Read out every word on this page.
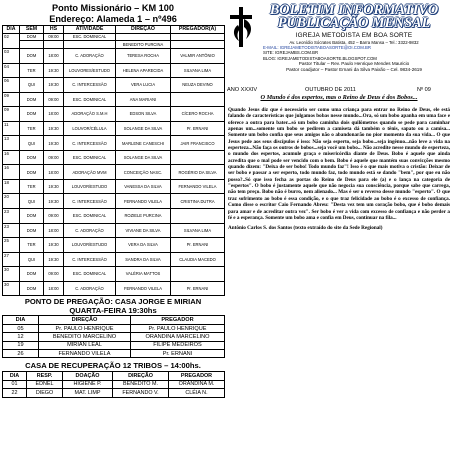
Ponto Missionário – KM 100
Endereço: Alameda 1 – nº496
DIA	SEM	HS	ATIVIDADE	DIREÇÃO	PREGADOR(A)
02	DOM	09:00	ESC. DOMINICAL		
				BENEDITO PURCINA	
03	DOM	18:00	C. ADORAÇÃO	TERESA ROCHA	VALMIR ANTÔNIO
04	TER	19:30	LOUVORES/ESTUDO	HELENA APARECIDA	SILVANA LIMA
06	QUI	19:30	C. INTERCESSÃO	VERA LUCIA	NEUZA DEVINO
09	DOM	09:00	ESC. DOMINICAL	ANA MARIANI	
09	DOM	18:00	ADORAÇÃO S.M.H	EDSON SILVA	CÍCERO ROCHA
11	TER	19:30	LOUVOR/CÉLULA	SOLANGE DA SILVA	Pr. ERNANI
13	QUI	19:30	C. INTERCESSÃO	MARLENE CANESCHI	JAIR FRANCISCO
16	DOM	09:00	ESC. DOMINICAL	SOLANGE DA SILVA	
16	DOM	18:00	ADORAÇÃO MVM	CONCEIÇÃO NASC.	ROGÉRIO DA SILVA
18	TER	19:30	LOUVOR/ESTUDO	VANESSA DA SILVA	FERNANDO VILELA
20	QUI	19:30	C. INTERCESSÃO	FERNANDO VILELA	CRISTINA DUTRA
23	DOM	09:00	ESC. DOMINICAL	ROZIELE PURCINA	
23	DOM	18:00	C. ADORAÇÃO	VIVIANE DA SILVA	SILVANA LIMA
25	TER	19:30	LOUVOR/ESTUDO	VERA DA SILVA	Pr. ERNANI
27	QUI	19:30	C. INTERCESSÃO	SANDRA DA SILVA	CLAUDIA MACEDO
30	DOM	09:00	ESC. DOMINICAL	VALÉRIA MATTOS	
30	DOM	18:00	C. ADORAÇÃO	FERNANDO VILELA	Pr. ERNANI
PONTO DE PREGAÇÃO: CASA JORGE E MIRIAN
QUARTA-FEIRA 19:30hs
DIA	DIREÇÃO	PREGADOR
05	Pr. PAULO HENRIQUE	Pr. PAULO HENRIQUE
12	BENEDITO MARCELINO	ORANDINA MARCELINO
19	MIRIAN LEAL	FILIPE MEDEIROS
26	FERNANDO VILELA	Pr. ERNANI
CASA DE RECUPERAÇÃO 12 TRIBOS – 14:00hs.
DIA	RESP.	DOAÇÃO	DIREÇÃO	PREGADOR
01	EDNÉL	HIGIENE P.	BENEDITO M.	ORANDINA M.
22	DIEGO	MAT. LIMP	FERNANDO V.	CLÉIA N.
BOLETIM INFORMATIVO
PUBLICAÇÃO MENSAL
IGREJA METODISTA EM BOA SORTE
Av. Leonídio Sócrates Batista, 452 – Barra Mansa – Tel.: 3322-9832
E-MAIL: IGREJAMETODISTABOASORTE@OI.COM.BR
SITE: IGREJAMBS.COM.BR
BLOG: IGREJAMETODISTABOASORTE.BLOGSPOT.COM
Pastor Titular – Rev. Paulo Henrique Mendes Mauricio
Pastor coadjutor – Pastor Ernani da Silva Paixão – Cel. 9834-2619
ANO XXXIV	OUTUBRO DE 2011	Nº 09
O Mundo é dos espertos, mas o Reino de Deus é dos Bobos...
Quando Jesus diz que é necessário ser como uma criança para entrar no Reino de Deus, ele está falando de características que julgamos bobas nesse mundo...Ora, só um bobo apanha em uma face e oferece a outra para bater...só um bobo caminha dois quilômetros quando se pede para caminhar apenas um...somente um bobo se pedirem a camiseta dá também o tênis, sapato ou a camisa... Somente um bobo confia que seus amigos não o abandonarão no pior momento da sua vida... O que Jesus pede aos seus discípulos é isso: Não seja esperto, seja bobo...seja ingênuo...não leve a vida na esperteza...Não faça os outros de bobos...seja você um bobo... Não acredite nesse mundo de esperteza, o mundo dos espertos, acumule graça e misericórdia diante de Deus. Bobo é aquele que ainda acredita que o mal pode ser vencido com o bem. Bobo é aquele que mantém suas convicções mesmo quando dizem: "Deixa de ser bobo! Todo mundo faz"! Isso é o que mais motiva o cristão: Deixar de ser bobo e passar a ser esperto, todo mundo faz, todo mundo está se dando "bem", por que eu não posso?..Só que isso fecha as portas do Reino de Deus para ele (a) e o lança na categoria de "espertos". O bobo é justamente aquele que não negocia sua consciência, porque sabe que carrega, não tem preço. Bobo não é burro, nem alienado... Mas é ser o reverso desse mundo "esperto". O que traz sofrimento ao bobo é essa condição, e o que traz felicidade ao bobo é o excesso de confiança. Como disse o escritor Caio Fernando Abreu: "Desta vez tem um coração bobo, que é bobo demais para amar e de acreditar outra vez". Ser bobo é ver a vida com excesso de confiança e não perder a fé e a esperança. Somente um bobo ama e confia em Deus, continuar na fila...
Antônio Carlos S. dos Santos (texto extraído do site da Sede Regional)
